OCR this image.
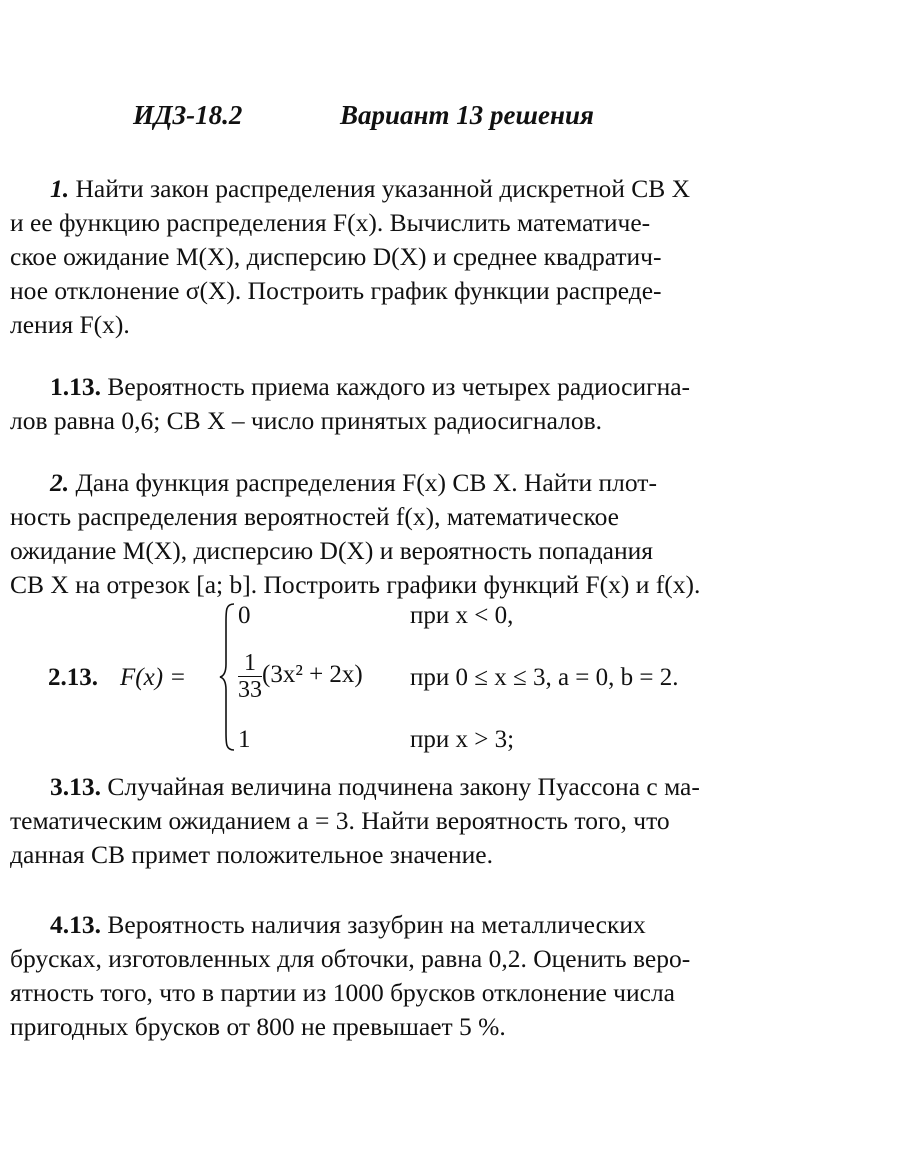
ИДЗ-18.2	Вариант 13 решения
1. Найти закон распределения указанной дискретной СВ X
и ее функцию распределения F(x). Вычислить математиче-
ское ожидание M(X), дисперсию D(X) и среднее квадратич-
ное отклонение σ(X). Построить график функции распреде-
ления F(x).
1.13. Вероятность приема каждого из четырех радиосигна-
лов равна 0,6; СВ X – число принятых радиосигналов.
2. Дана функция распределения F(x) СВ X. Найти плот-
ность распределения вероятностей f(x), математическое
ожидание M(X), дисперсию D(X) и вероятность попадания
СВ X на отрезок [a; b]. Построить графики функций F(x) и f(x).
2.13. F(x) =
0
$\frac{1}{33} (3x^2 + 2x)$
1
при x < 0,
при 0 ≤ x ≤ 3, a = 0, b = 2.
при x > 3;
3.13. Случайная величина подчинена закону Пуассона с ма-
тематическим ожиданием a = 3. Найти вероятность того, что
данная СВ примет положительное значение.
4.13. Вероятность наличия зазубрин на металлических
брусках, изготовленных для обточки, равна 0,2. Оценить веро-
ятность того, что в партии из 1000 брусков отклонение числа
пригодных брусков от 800 не превышает 5 %.
